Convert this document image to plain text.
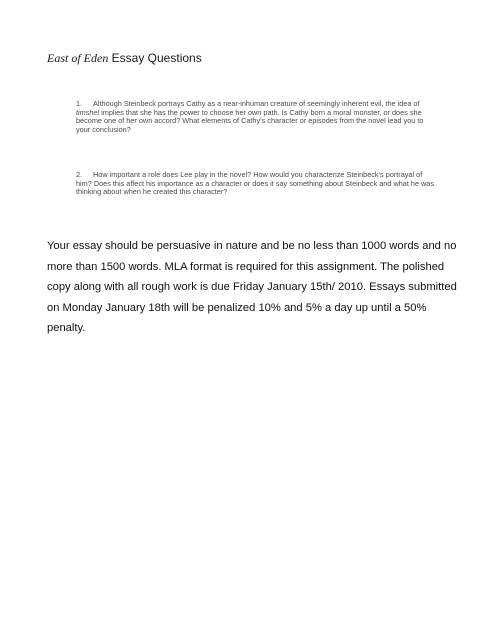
East of Eden Essay Questions
1. Although Steinbeck portrays Cathy as a near-inhuman creature of seemingly inherent evil, the idea of timshel implies that she has the power to choose her own path. Is Cathy born a moral monster, or does she become one of her own accord? What elements of Cathy’s character or episodes from the novel lead you to your conclusion?
2. How important a role does Lee play in the novel? How would you characterize Steinbeck’s portrayal of him? Does this affect his importance as a character or does it say something about Steinbeck and what he was thinking about when he created this character?
Your essay should be persuasive in nature and be no less than 1000 words and no more than 1500 words. MLA format is required for this assignment. The polished copy along with all rough work is due Friday January 15th/ 2010. Essays submitted on Monday January 18th will be penalized 10% and 5% a day up until a 50% penalty.
